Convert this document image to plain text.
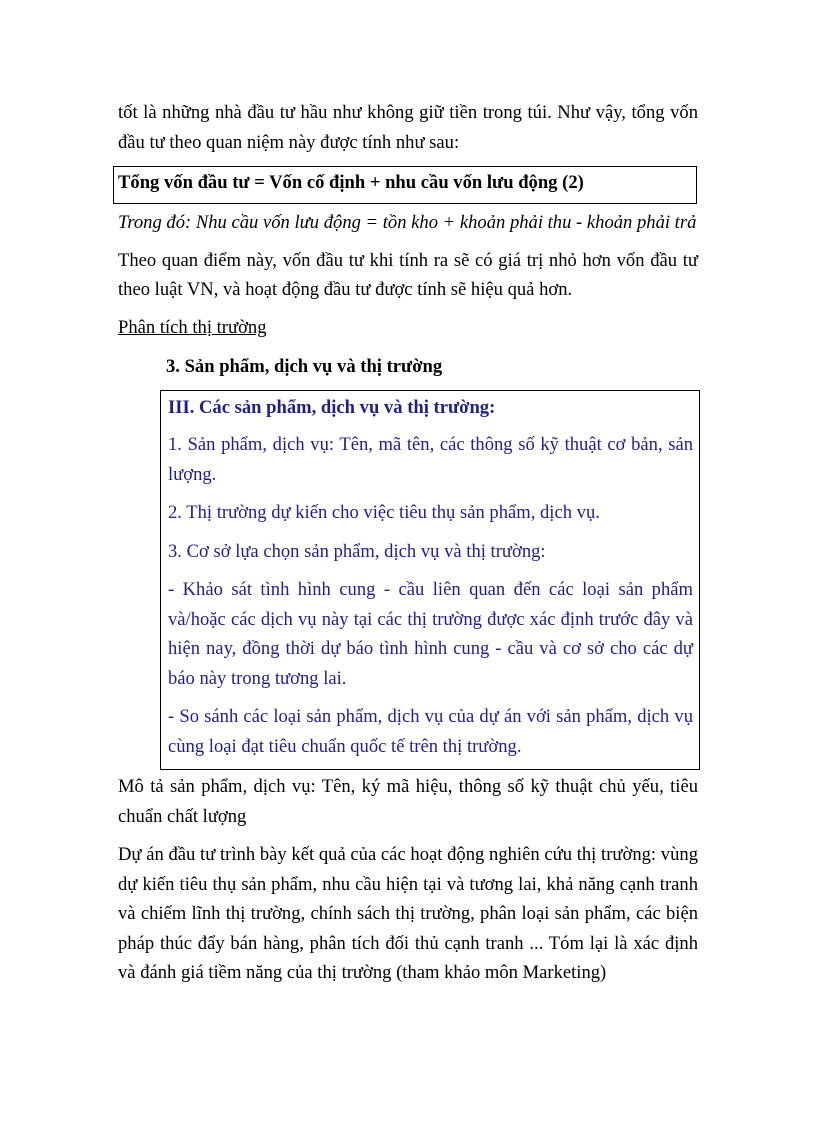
tốt là những nhà đầu tư hầu như không giữ tiền trong túi. Như vậy, tổng vốn đầu tư theo quan niệm này được tính như sau:

Tổng vốn đầu tư = Vốn cố định + nhu cầu vốn lưu động (2)

Trong đó: Nhu cầu vốn lưu động = tồn kho + khoản phải thu - khoản phải trả

Theo quan điểm này, vốn đầu tư khi tính ra sẽ có giá trị nhỏ hơn vốn đầu tư theo luật VN, và hoạt động đầu tư được tính sẽ hiệu quả hơn.

Phân tích thị trường

3. Sản phẩm, dịch vụ và thị trường

III. Các sản phẩm, dịch vụ và thị trường:

1. Sản phẩm, dịch vụ: Tên, mã tên, các thông số kỹ thuật cơ bản, sản lượng.

2. Thị trường dự kiến cho việc tiêu thụ sản phẩm, dịch vụ.

3. Cơ sở lựa chọn sản phẩm, dịch vụ và thị trường:

- Khảo sát tình hình cung - cầu liên quan đến các loại sản phẩm và/hoặc các dịch vụ này tại các thị trường được xác định trước đây và hiện nay, đồng thời dự báo tình hình cung - cầu và cơ sở cho các dự báo này trong tương lai.

- So sánh các loại sản phẩm, dịch vụ của dự án với sản phẩm, dịch vụ cùng loại đạt tiêu chuẩn quốc tế trên thị trường.

Mô tả sản phẩm, dịch vụ: Tên, ký mã hiệu, thông số kỹ thuật chủ yếu, tiêu chuẩn chất lượng

Dự án đầu tư trình bày kết quả của các hoạt động nghiên cứu thị trường: vùng dự kiến tiêu thụ sản phẩm, nhu cầu hiện tại và tương lai, khả năng cạnh tranh và chiếm lĩnh thị trường, chính sách thị trường, phân loại sản phẩm, các biện pháp thúc đẩy bán hàng, phân tích đối thủ cạnh tranh ... Tóm lại là xác định và đánh giá tiềm năng của thị trường (tham khảo môn Marketing)
